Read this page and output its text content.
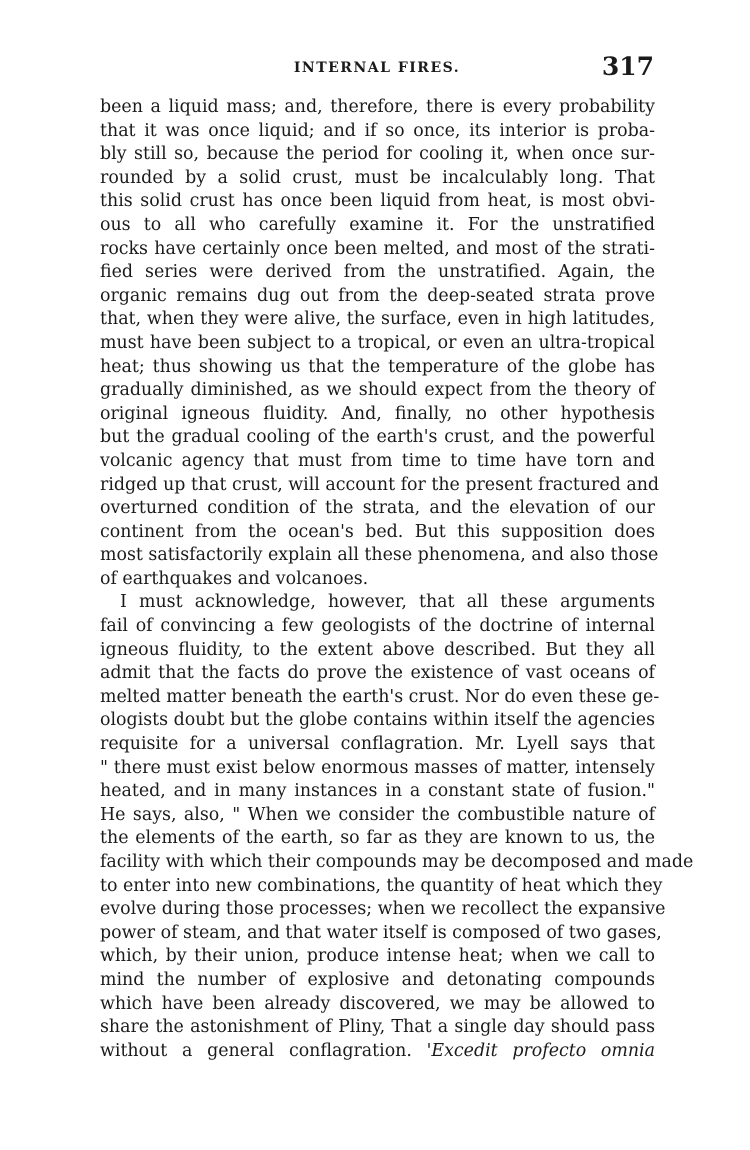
INTERNAL FIRES.	317
been a liquid mass; and, therefore, there is every probability
that it was once liquid; and if so once, its interior is proba-
bly still so, because the period for cooling it, when once sur-
rounded by a solid crust, must be incalculably long. That
this solid crust has once been liquid from heat, is most obvi-
ous to all who carefully examine it. For the unstratified
rocks have certainly once been melted, and most of the strati-
fied series were derived from the unstratified. Again, the
organic remains dug out from the deep-seated strata prove
that, when they were alive, the surface, even in high latitudes,
must have been subject to a tropical, or even an ultra-tropical
heat; thus showing us that the temperature of the globe has
gradually diminished, as we should expect from the theory of
original igneous fluidity. And, finally, no other hypothesis
but the gradual cooling of the earth's crust, and the powerful
volcanic agency that must from time to time have torn and
ridged up that crust, will account for the present fractured and
overturned condition of the strata, and the elevation of our
continent from the ocean's bed. But this supposition does
most satisfactorily explain all these phenomena, and also those
of earthquakes and volcanoes.
I must acknowledge, however, that all these arguments
fail of convincing a few geologists of the doctrine of internal
igneous fluidity, to the extent above described. But they all
admit that the facts do prove the existence of vast oceans of
melted matter beneath the earth's crust. Nor do even these ge-
ologists doubt but the globe contains within itself the agencies
requisite for a universal conflagration. Mr. Lyell says that
" there must exist below enormous masses of matter, intensely
heated, and in many instances in a constant state of fusion."
He says, also, " When we consider the combustible nature of
the elements of the earth, so far as they are known to us, the
facility with which their compounds may be decomposed and made
to enter into new combinations, the quantity of heat which they
evolve during those processes; when we recollect the expansive
power of steam, and that water itself is composed of two gases,
which, by their union, produce intense heat; when we call to
mind the number of explosive and detonating compounds
which have been already discovered, we may be allowed to
share the astonishment of Pliny, That a single day should pass
without a general conflagration. 'Excedit profecto omnia
